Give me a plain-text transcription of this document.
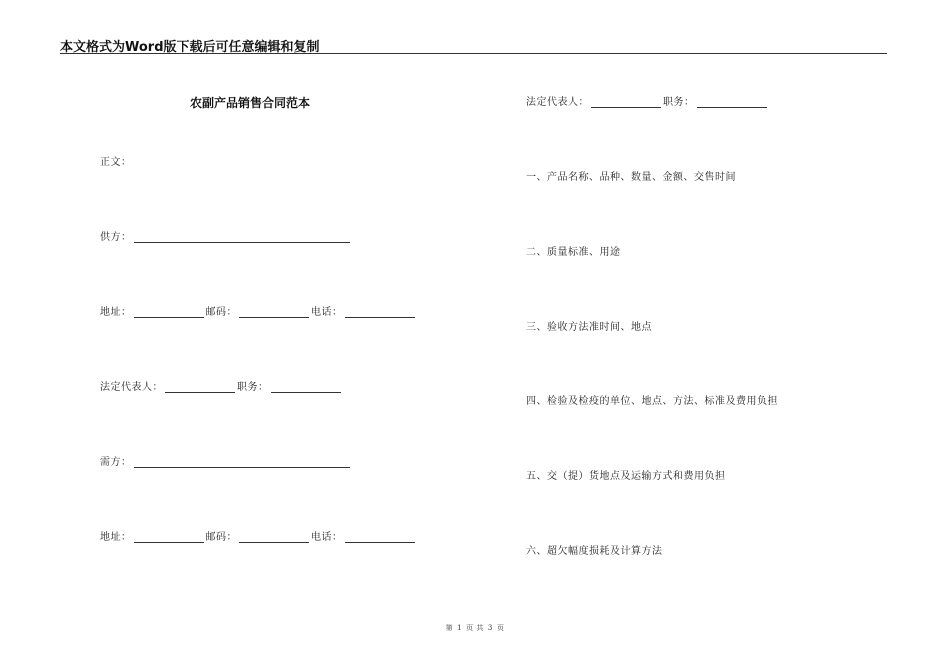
本文格式为Word版下载后可任意编辑和复制
农副产品销售合同范本
正文：
供方：
地址：	邮码：	电话：
法定代表人：	职务：
需方：
地址：	邮码：	电话：
法定代表人：	职务：
一、产品名称、品种、数量、金额、交售时间
二、质量标准、用途
三、验收方法准时间、地点
四、检验及检疫的单位、地点、方法、标准及费用负担
五、交（提）货地点及运输方式和费用负担
六、超欠幅度损耗及计算方法
第 1 页 共 3 页
